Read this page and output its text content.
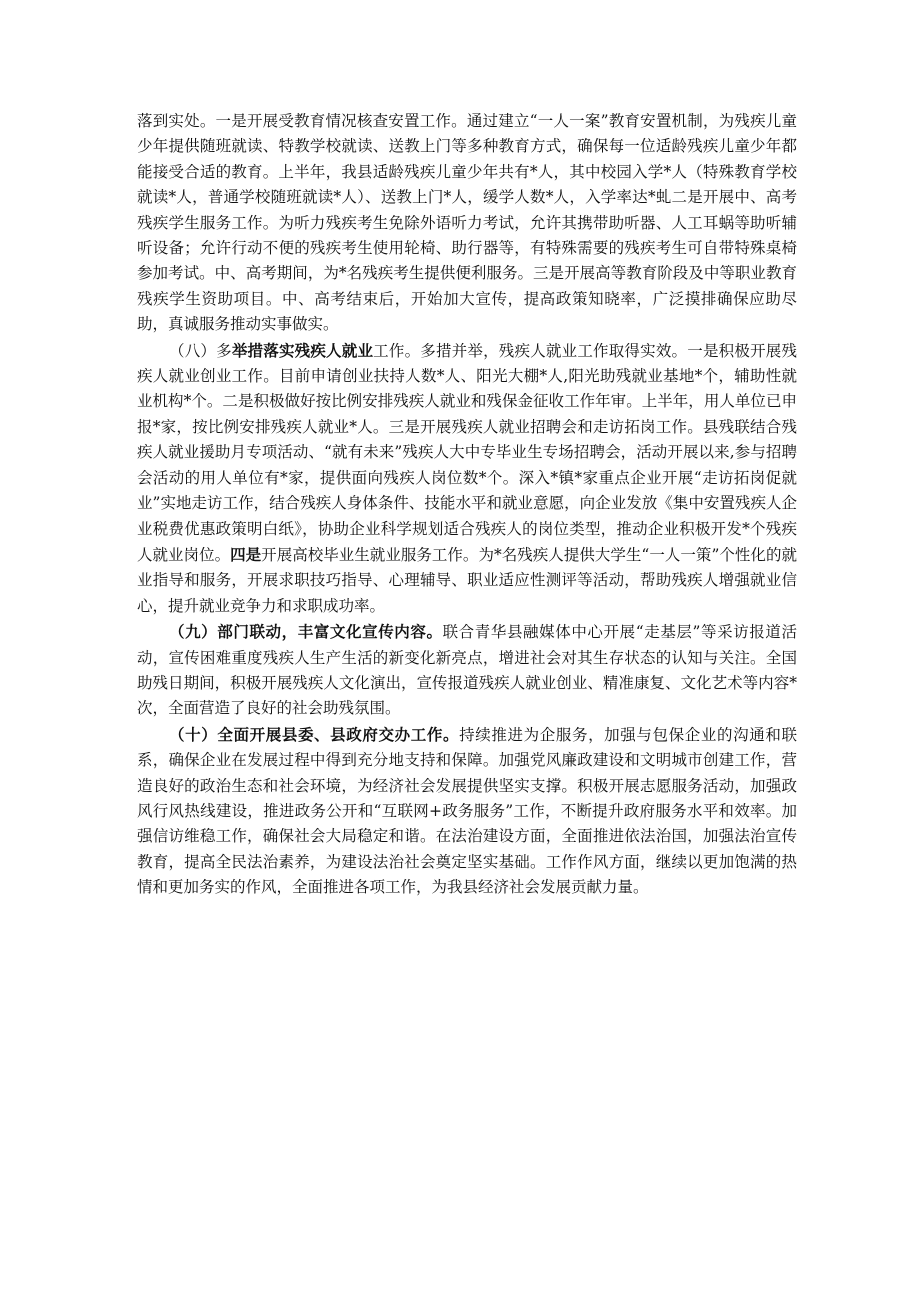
落到实处。一是开展受教育情况核查安置工作。通过建立“一人一案”教育安置机制，为残疾儿童少年提供随班就读、特教学校就读、送教上门等多种教育方式，确保每一位适龄残疾儿童少年都能接受合适的教育。上半年，我县适龄残疾儿童少年共有*人，其中校园入学*人（特殊教育学校就读*人，普通学校随班就读*人）、送教上门*人，缓学人数*人，入学率达*虬二是开展中、高考残疾学生服务工作。为听力残疾考生免除外语听力考试，允许其携带助听器、人工耳蜗等助听辅听设备；允许行动不便的残疾考生使用轮椅、助行器等，有特殊需要的残疾考生可自带特殊桌椅参加考试。中、高考期间，为*名残疾考生提供便利服务。三是开展高等教育阶段及中等职业教育残疾学生资助项目。中、高考结束后，开始加大宣传，提高政策知晓率，广泛摸排确保应助尽助，真诚服务推动实事做实。

（八）多举措落实残疾人就业工作。多措并举，残疾人就业工作取得实效。一是积极开展残疾人就业创业工作。目前申请创业扶持人数*人、阳光大棚*人,阳光助残就业基地*个，辅助性就业机构*个。二是积极做好按比例安排残疾人就业和残保金征收工作年审。上半年，用人单位已申报*家，按比例安排残疾人就业*人。三是开展残疾人就业招聘会和走访拓岗工作。县残联结合残疾人就业援助月专项活动、“就有未来”残疾人大中专毕业生专场招聘会，活动开展以来,参与招聘会活动的用人单位有*家，提供面向残疾人岗位数*个。深入*镇*家重点企业开展“走访拓岗促就业”实地走访工作，结合残疾人身体条件、技能水平和就业意愿，向企业发放《集中安置残疾人企业税费优惠政策明白纸》，协助企业科学规划适合残疾人的岗位类型，推动企业积极开发*个残疾人就业岗位。四是开展高校毕业生就业服务工作。为*名残疾人提供大学生“一人一策”个性化的就业指导和服务，开展求职技巧指导、心理辅导、职业适应性测评等活动，帮助残疾人增强就业信心，提升就业竞争力和求职成功率。

（九）部门联动，丰富文化宣传内容。联合青华县融媒体中心开展“走基层”等采访报道活动，宣传困难重度残疾人生产生活的新变化新亮点，增进社会对其生存状态的认知与关注。全国助残日期间，积极开展残疾人文化演出，宣传报道残疾人就业创业、精准康复、文化艺术等内容*次，全面营造了良好的社会助残氛围。

（十）全面开展县委、县政府交办工作。持续推进为企服务，加强与包保企业的沟通和联系，确保企业在发展过程中得到充分地支持和保障。加强党风廉政建设和文明城市创建工作，营造良好的政治生态和社会环境，为经济社会发展提供坚实支撑。积极开展志愿服务活动，加强政风行风热线建设，推进政务公开和“互联网+政务服务”工作，不断提升政府服务水平和效率。加强信访维稳工作，确保社会大局稳定和谐。在法治建设方面，全面推进依法治国，加强法治宣传教育，提高全民法治素养，为建设法治社会奠定坚实基础。工作作风方面，继续以更加饱满的热情和更加务实的作风，全面推进各项工作，为我县经济社会发展贡献力量。
